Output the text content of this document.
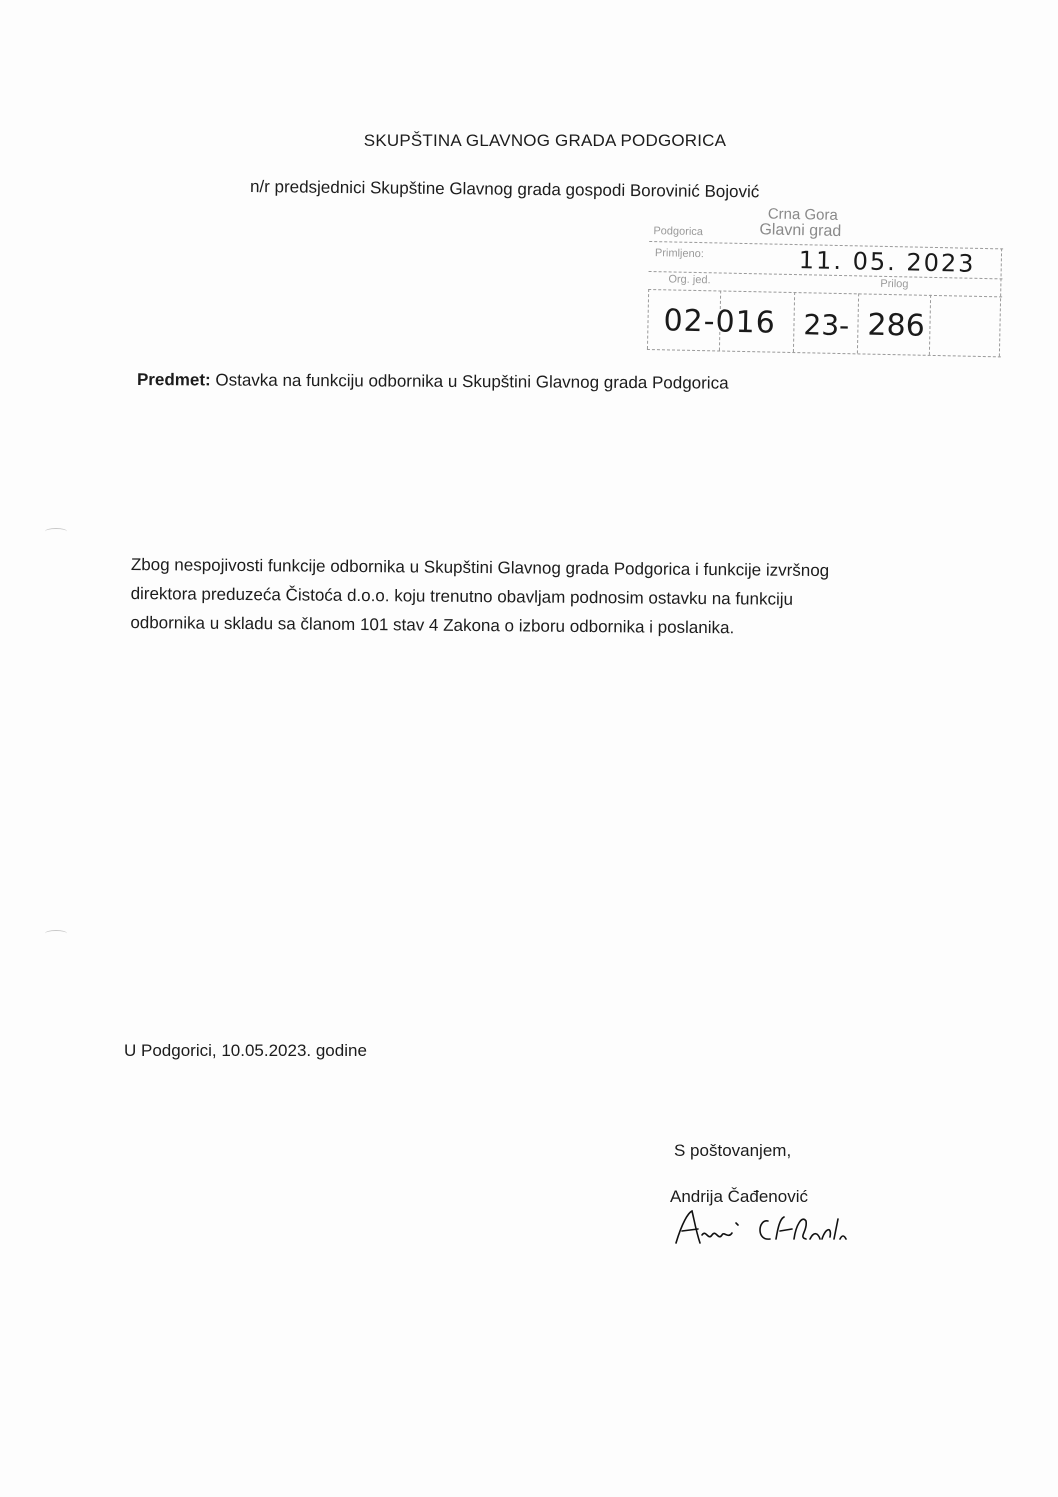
SKUPŠTINA GLAVNOG GRADA PODGORICA
n/r predsjednici Skupštine Glavnog grada gospodi Borovinić Bojović
Crna Gora
Glavni grad
Podgorica
Primljeno:	11. 05. 2023
Org. jed.	Prilog
02-016 23- 286
Predmet: Ostavka na funkciju odbornika u Skupštini Glavnog grada Podgorica
Zbog nespojivosti funkcije odbornika u Skupštini Glavnog grada Podgorica i funkcije izvršnog
direktora preduzeća Čistoća d.o.o. koju trenutno obavljam podnosim ostavku na funkciju
odbornika u skladu sa članom 101 stav 4 Zakona o izboru odbornika i poslanika.
U Podgorici, 10.05.2023. godine
S poštovanjem,
Andrija Čađenović
